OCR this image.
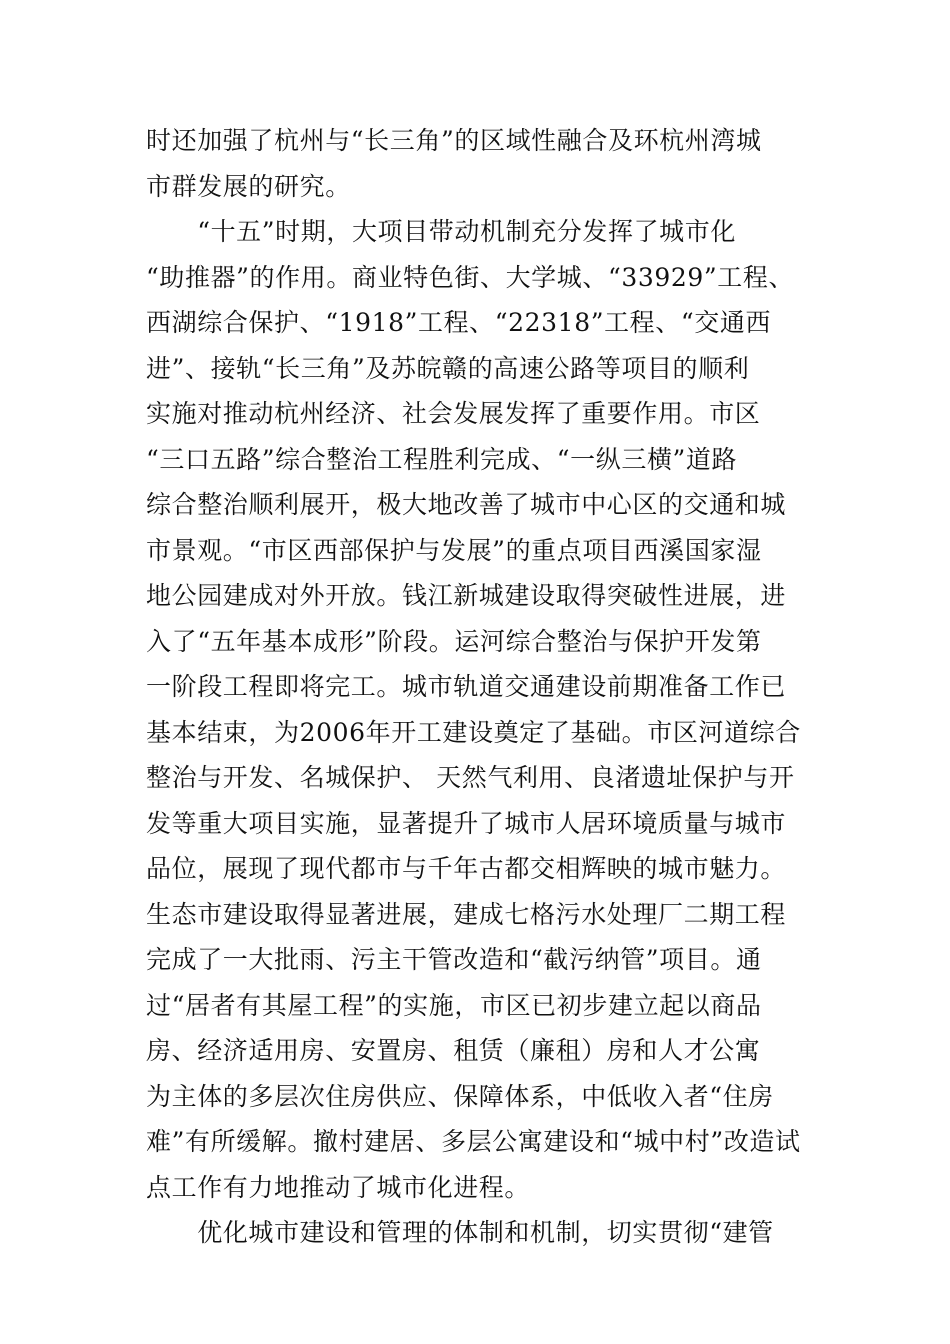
时还加强了杭州与“长三角”的区域性融合及环杭州湾城
市群发展的研究。
　　“十五”时期，大项目带动机制充分发挥了城市化
“助推器”的作用。商业特色街、大学城、“33929”工程、
西湖综合保护、“1918”工程、“22318”工程、“交通西
进”、接轨“长三角”及苏皖赣的高速公路等项目的顺利
实施对推动杭州经济、社会发展发挥了重要作用。市区
“三口五路”综合整治工程胜利完成、“一纵三横”道路
综合整治顺利展开，极大地改善了城市中心区的交通和城
市景观。“市区西部保护与发展”的重点项目西溪国家湿
地公园建成对外开放。钱江新城建设取得突破性进展，进
入了“五年基本成形”阶段。运河综合整治与保护开发第
一阶段工程即将完工。城市轨道交通建设前期准备工作已
基本结束，为2006年开工建设奠定了基础。市区河道综合
整治与开发、名城保护、 天然气利用、良渚遗址保护与开
发等重大项目实施，显著提升了城市人居环境质量与城市
品位，展现了现代都市与千年古都交相辉映的城市魅力。
生态市建设取得显著进展，建成七格污水处理厂二期工程
完成了一大批雨、污主干管改造和“截污纳管”项目。通
过“居者有其屋工程”的实施，市区已初步建立起以商品
房、经济适用房、安置房、租赁（廉租）房和人才公寓
为主体的多层次住房供应、保障体系，中低收入者“住房
难”有所缓解。撤村建居、多层公寓建设和“城中村”改造试
点工作有力地推动了城市化进程。
　　优化城市建设和管理的体制和机制，切实贯彻“建管
